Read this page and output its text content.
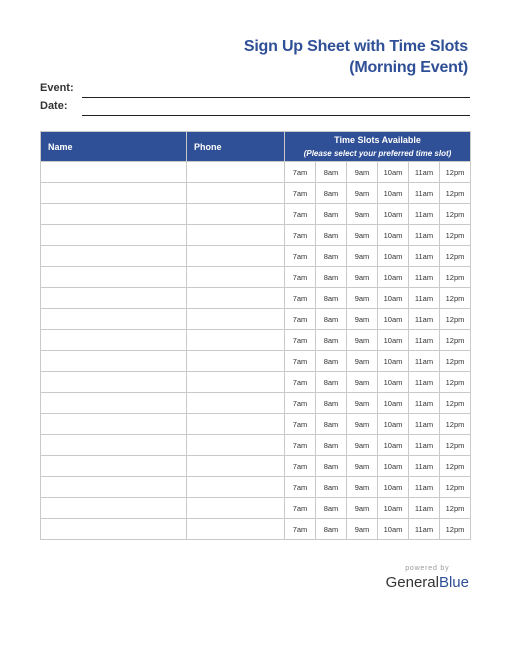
Sign Up Sheet with Time Slots
(Morning Event)
Event:
Date:
Name	Phone	Time Slots Available
(Please select your preferred time slot)					

		7am	8am	9am	10am	11am	12pm
		7am	8am	9am	10am	11am	12pm
		7am	8am	9am	10am	11am	12pm
		7am	8am	9am	10am	11am	12pm
		7am	8am	9am	10am	11am	12pm
		7am	8am	9am	10am	11am	12pm
		7am	8am	9am	10am	11am	12pm
		7am	8am	9am	10am	11am	12pm
		7am	8am	9am	10am	11am	12pm
		7am	8am	9am	10am	11am	12pm
		7am	8am	9am	10am	11am	12pm
		7am	8am	9am	10am	11am	12pm
		7am	8am	9am	10am	11am	12pm
		7am	8am	9am	10am	11am	12pm
		7am	8am	9am	10am	11am	12pm
		7am	8am	9am	10am	11am	12pm
		7am	8am	9am	10am	11am	12pm
		7am	8am	9am	10am	11am	12pm
powered by
GeneralBlue
